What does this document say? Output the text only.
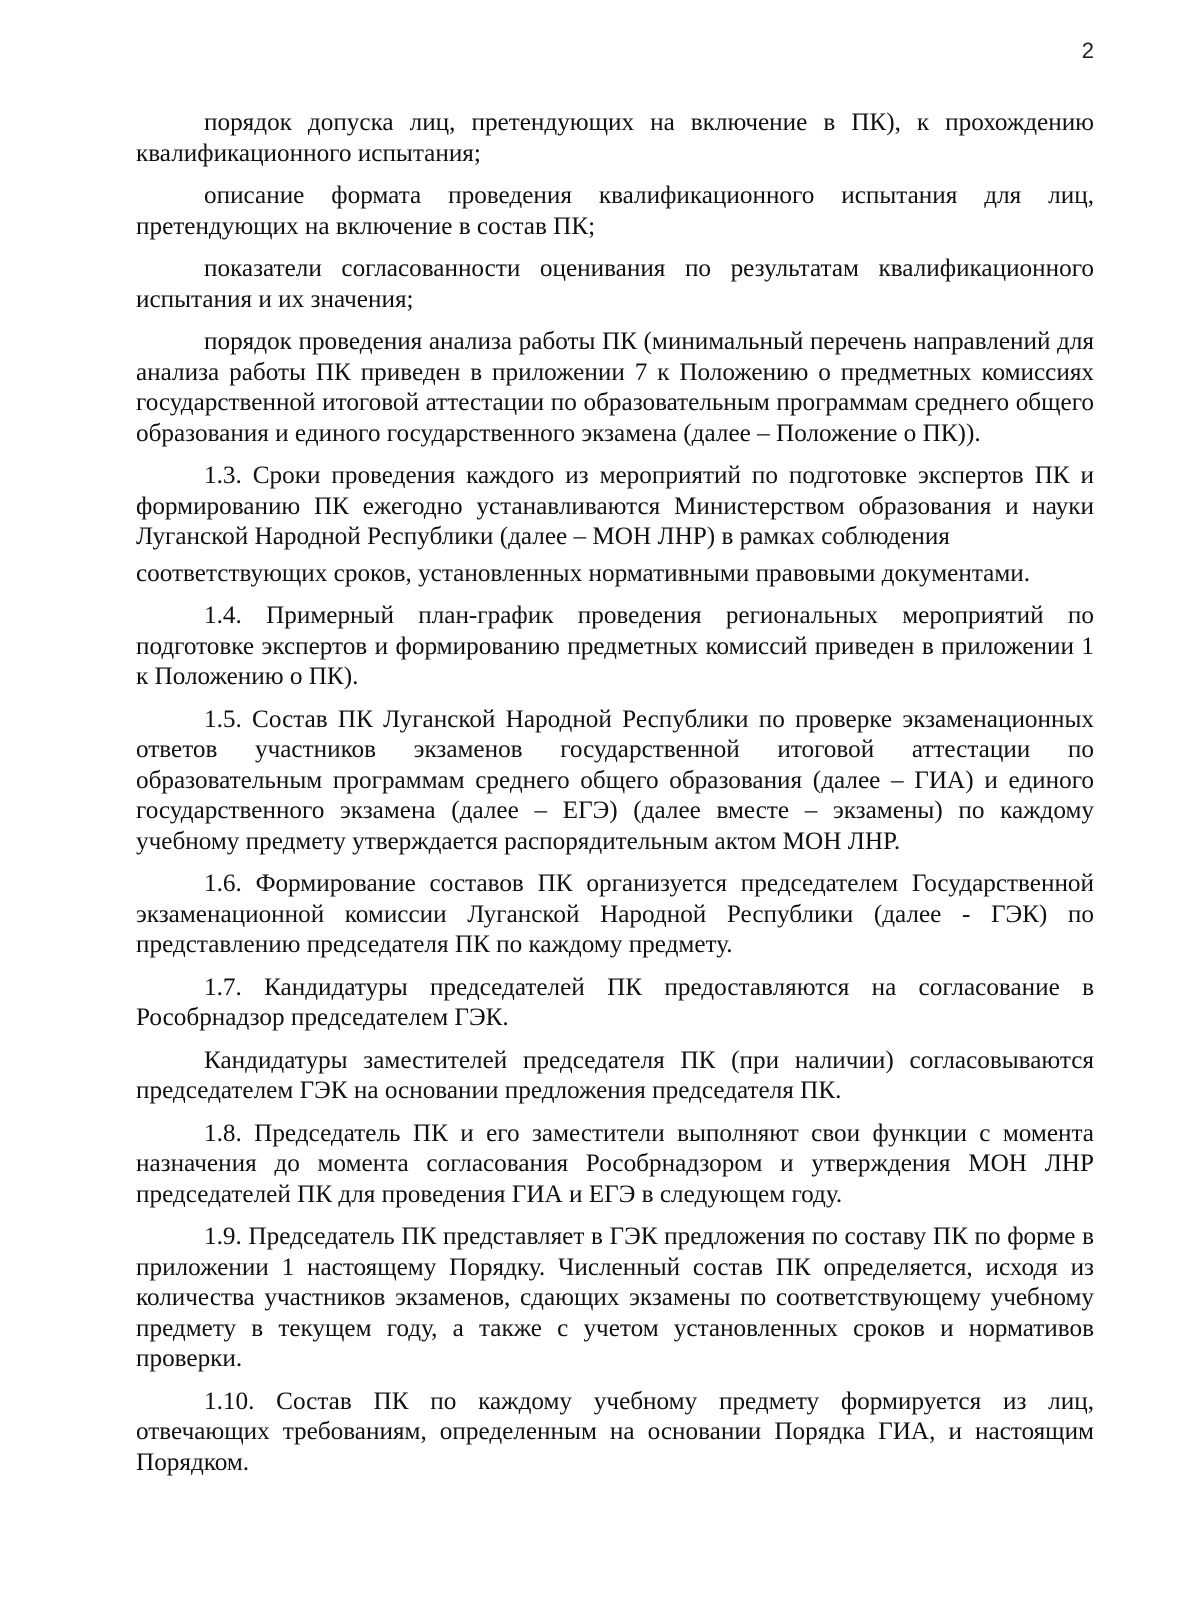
2

порядок допуска лиц, претендующих на включение в ПК), к прохождению квалификационного испытания;

описание формата проведения квалификационного испытания для лиц, претендующих на включение в состав ПК;

показатели согласованности оценивания по результатам квалификационного испытания и их значения;

порядок проведения анализа работы ПК (минимальный перечень направлений для анализа работы ПК приведен в приложении 7 к Положению о предметных комиссиях государственной итоговой аттестации по образовательным программам среднего общего образования и единого государственного экзамена (далее – Положение о ПК)).

1.3. Сроки проведения каждого из мероприятий по подготовке экспертов ПК и формированию ПК ежегодно устанавливаются Министерством образования и науки Луганской Народной Республики (далее – МОН ЛНР) в рамках соблюдения

соответствующих сроков, установленных нормативными правовыми документами.

1.4. Примерный план-график проведения региональных мероприятий по подготовке экспертов и формированию предметных комиссий приведен в приложении 1 к Положению о ПК).

1.5. Состав ПК Луганской Народной Республики по проверке экзаменационных ответов участников экзаменов государственной итоговой аттестации по образовательным программам среднего общего образования (далее – ГИА) и единого государственного экзамена (далее – ЕГЭ) (далее вместе – экзамены) по каждому учебному предмету утверждается распорядительным актом МОН ЛНР.

1.6. Формирование составов ПК организуется председателем Государственной экзаменационной комиссии Луганской Народной Республики (далее - ГЭК) по представлению председателя ПК по каждому предмету.

1.7. Кандидатуры председателей ПК предоставляются на согласование в Рособрнадзор председателем ГЭК.

Кандидатуры заместителей председателя ПК (при наличии) согласовываются председателем ГЭК на основании предложения председателя ПК.

1.8. Председатель ПК и его заместители выполняют свои функции с момента назначения до момента согласования Рособрнадзором и утверждения МОН ЛНР председателей ПК для проведения ГИА и ЕГЭ в следующем году.

1.9. Председатель ПК представляет в ГЭК предложения по составу ПК по форме в приложении 1 настоящему Порядку. Численный состав ПК определяется, исходя из количества участников экзаменов, сдающих экзамены по соответствующему учебному предмету в текущем году, а также с учетом установленных сроков и нормативов проверки.

1.10. Состав ПК по каждому учебному предмету формируется из лиц, отвечающих требованиям, определенным на основании Порядка ГИА, и настоящим Порядком.
